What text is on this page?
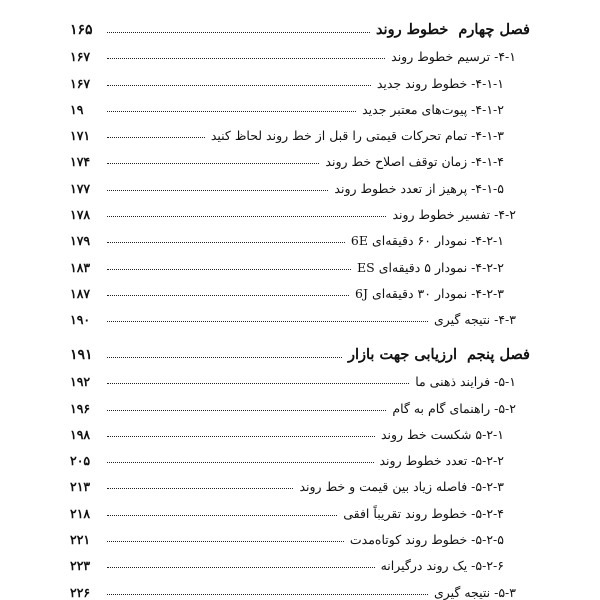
فصل چهارمخطوط روند
۱۶۵
۴-۱- ترسیم خطوط روند
۱۶۷
۴-۱-۱- خطوط روند جدید
۱۶۷
۴-۱-۲- پیوت‌های معتبر جدید
۱۹
۴-۱-۳- تمام تحرکات قیمتی را قبل از خط روند لحاظ کنید
۱۷۱
۴-۱-۴- زمان توقف اصلاح خط روند
۱۷۴
۴-۱-۵- پرهیز از تعدد خطوط روند
۱۷۷
۴-۲- تفسیر خطوط روند
۱۷۸
۴-۲-۱- نمودار ۶۰ دقیقه‌ای 6E
۱۷۹
۴-۲-۲- نمودار ۵ دقیقه‌ای ES
۱۸۳
۴-۲-۳- نمودار ۳۰ دقیقه‌ای 6J
۱۸۷
۴-۳- نتیجه گیری
۱۹۰
فصل پنجمارزیابی جهت بازار
۱۹۱
۵-۱- فرایند ذهنی ما
۱۹۲
۵-۲- راهنمای گام به گام
۱۹۶
۵-۲-۱ شکست خط روند
۱۹۸
۵-۲-۲- تعدد خطوط روند
۲۰۵
۵-۲-۳- فاصله زیاد بین قیمت و خط روند
۲۱۳
۵-۲-۴- خطوط روند تقریباً افقی
۲۱۸
۵-۲-۵- خطوط روند کوتاه‌مدت
۲۲۱
۵-۲-۶- یک روند درگیرانه
۲۲۳
۵-۳- نتیجه گیری
۲۲۶
